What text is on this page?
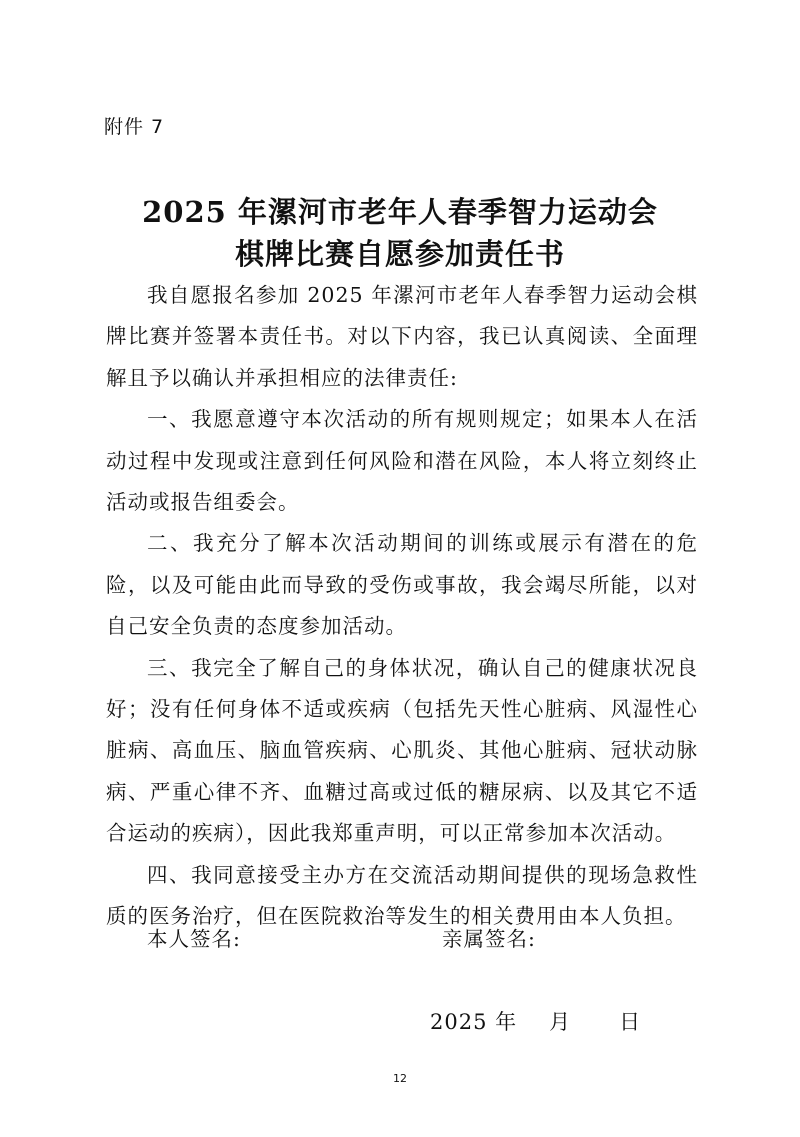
附件 7
2025 年漯河市老年人春季智力运动会
棋牌比赛自愿参加责任书

我自愿报名参加 2025 年漯河市老年人春季智力运动会棋牌比赛并签署本责任书。对以下内容，我已认真阅读、全面理解且予以确认并承担相应的法律责任:

一、我愿意遵守本次活动的所有规则规定；如果本人在活动过程中发现或注意到任何风险和潜在风险，本人将立刻终止活动或报告组委会。

二、我充分了解本次活动期间的训练或展示有潜在的危险，以及可能由此而导致的受伤或事故，我会竭尽所能，以对自己安全负责的态度参加活动。

三、我完全了解自己的身体状况，确认自己的健康状况良好；没有任何身体不适或疾病（包括先天性心脏病、风湿性心脏病、高血压、脑血管疾病、心肌炎、其他心脏病、冠状动脉病、严重心律不齐、血糖过高或过低的糖尿病、以及其它不适合运动的疾病），因此我郑重声明，可以正常参加本次活动。

四、我同意接受主办方在交流活动期间提供的现场急救性质的医务治疗，但在医院救治等发生的相关费用由本人负担。

本人签名:	亲属签名:
2025 年 月 日
12
